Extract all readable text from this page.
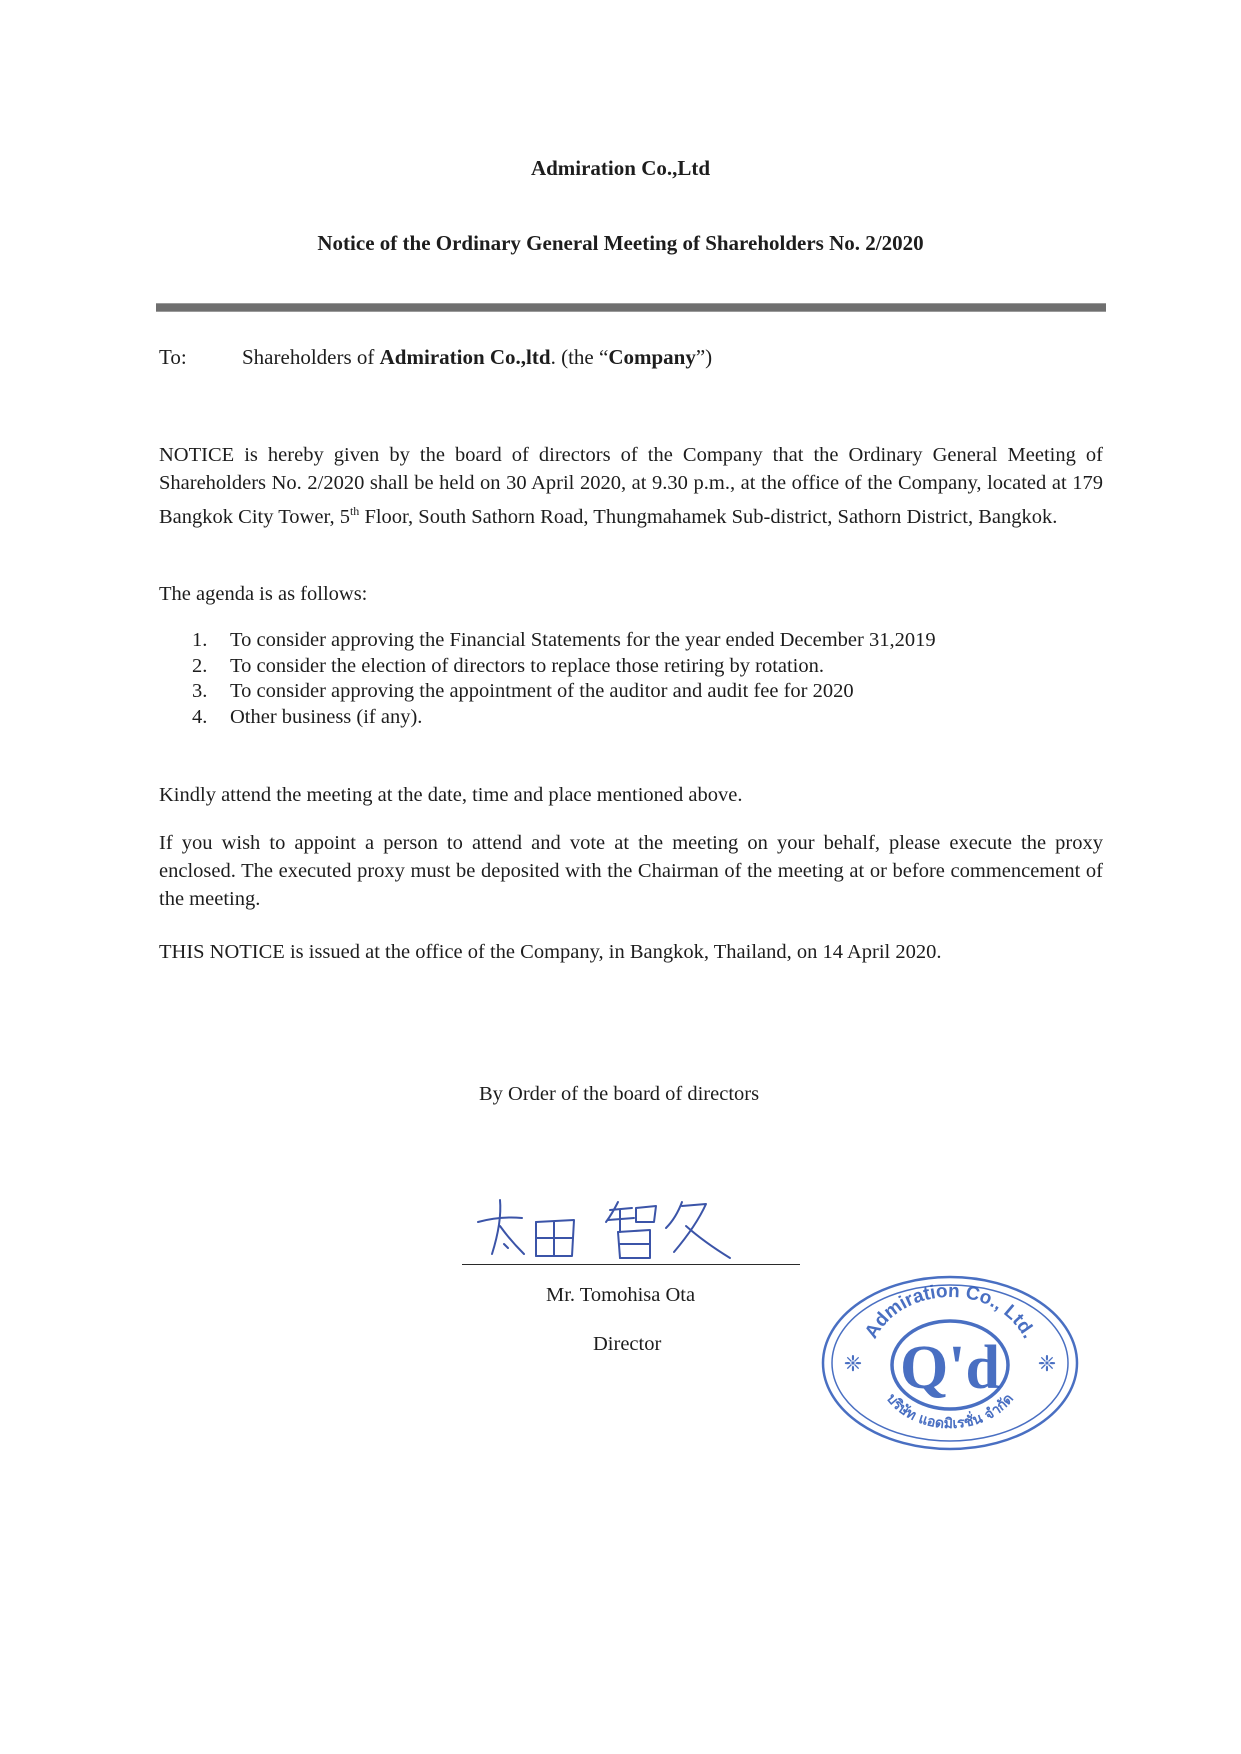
Admiration Co.,Ltd
Notice of the Ordinary General Meeting of Shareholders No. 2/2020
To:	Shareholders of Admiration Co.,ltd. (the “Company”)
NOTICE is hereby given by the board of directors of the Company that the Ordinary General Meeting of Shareholders No. 2/2020 shall be held on 30 April 2020, at 9.30 p.m., at the office of the Company, located at 179 Bangkok City Tower, 5th Floor, South Sathorn Road, Thungmahamek Sub-district, Sathorn District, Bangkok.
The agenda is as follows:
1. To consider approving the Financial Statements for the year ended December 31,2019
2. To consider the election of directors to replace those retiring by rotation.
3. To consider approving the appointment of the auditor and audit fee for 2020
4. Other business (if any).
Kindly attend the meeting at the date, time and place mentioned above.
If you wish to appoint a person to attend and vote at the meeting on your behalf, please execute the proxy enclosed. The executed proxy must be deposited with the Chairman of the meeting at or before commencement of the meeting.
THIS NOTICE is issued at the office of the Company, in Bangkok, Thailand, on 14 April 2020.
By Order of the board of directors
Mr. Tomohisa Ota
Director
Admiration Co., Ltd.
บริษัท แอดมิเรชั่น จำกัด
Q'd
❈	❈
